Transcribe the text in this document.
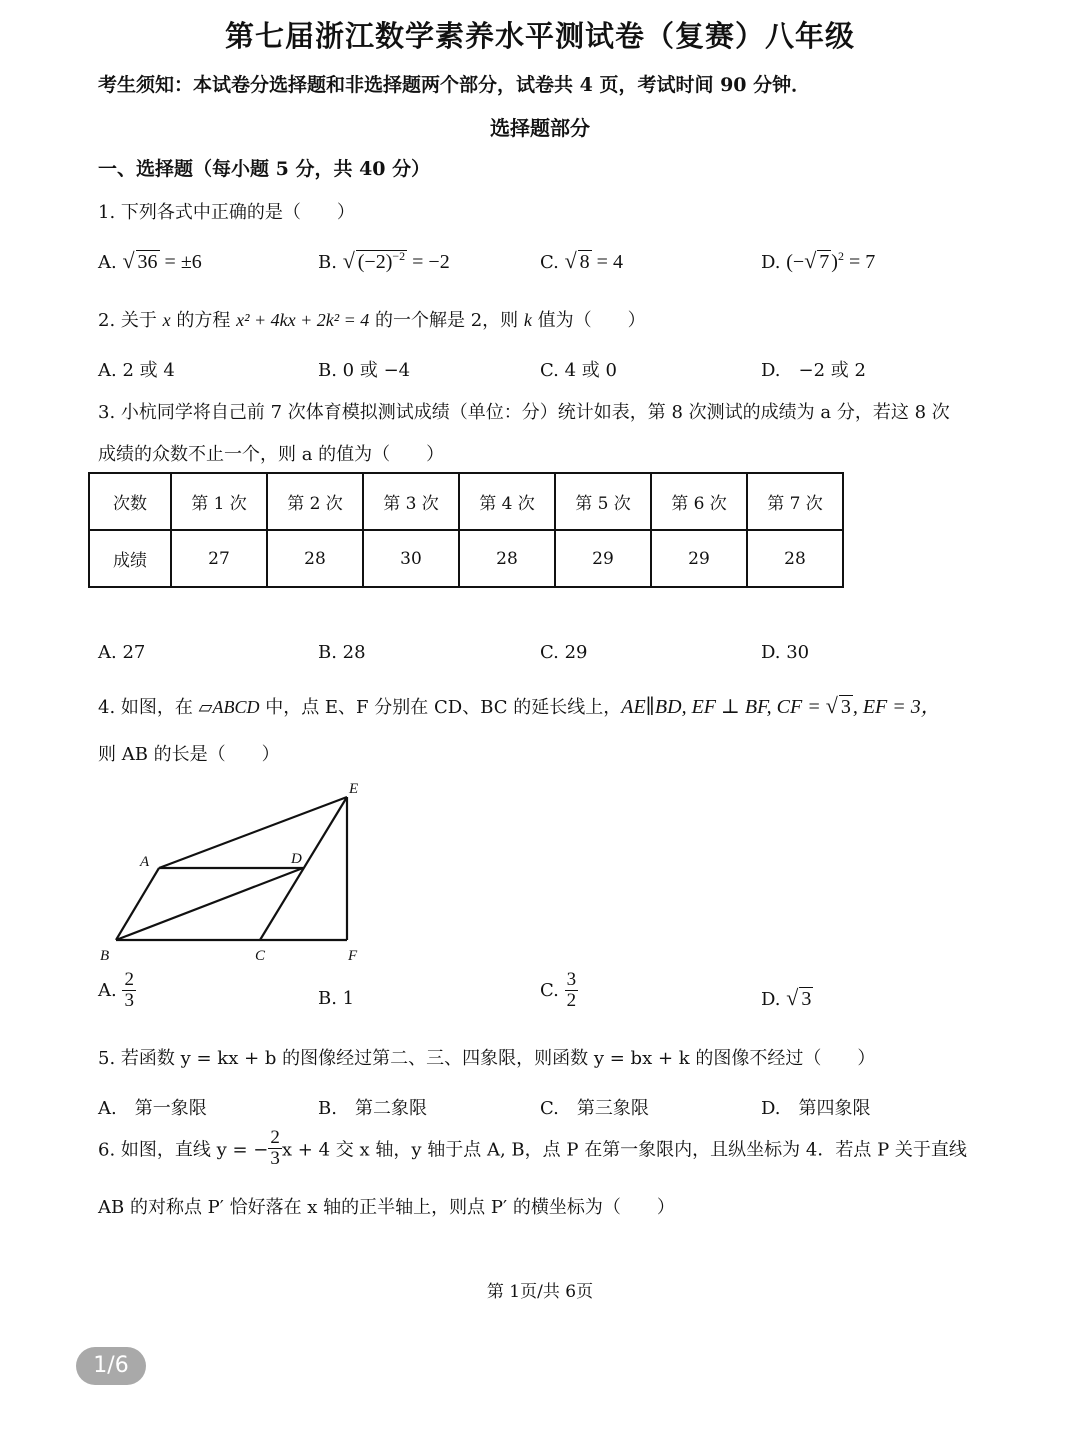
第七届浙江数学素养水平测试卷（复赛）八年级
考生须知：本试卷分选择题和非选择题两个部分，试卷共 4 页，考试时间 90 分钟．
选择题部分
一、选择题（每小题 5 分，共 40 分）
1. 下列各式中正确的是（　　）
A. √ 36 = ±6	B. √ $(-2)^{-2} = -2$	C. √ 8 = 4	D. (−√ 7 )$^2$ = 7
2. 关于 x 的方程 x² + 4kx + 2k² = 4 的一个解是 2，则 k 值为（　　）
A. 2 或 4	B. 0 或 −4	C. 4 或 0	D.　−2 或 2
3. 小杭同学将自己前 7 次体育模拟测试成绩（单位：分）统计如表，第 8 次测试的成绩为 a 分，若这 8 次
成绩的众数不止一个，则 a 的值为（　　）
次数	第 1 次	第 2 次	第 3 次	第 4 次	第 5 次	第 6 次	第 7 次
成绩	27	28	30	28	29	29	28
A. 27	B. 28	C. 29	D. 30
4. 如图，在 ▱ABCD 中，点 E、F 分别在 CD、BC 的延长线上，AE∥BD, EF ⊥ BF, CF = √ 3 , EF = 3，
则 AB 的长是（　　）
A
B	C
D
E
F
A. $\frac{2}{3}$	B. 1	C. $\frac{3}{2}$	D. √ 3
5. 若函数 y = kx + b 的图像经过第二、三、四象限，则函数 y = bx + k 的图像不经过（　　）
A.　第一象限	B.　第二象限	C.　第三象限	D.　第四象限
6. 如图，直线 y = − $\frac{2}{3}$ x + 4 交 x 轴，y 轴于点 A, B，点 P 在第一象限内，且纵坐标为 4．若点 P 关于直线
AB 的对称点 P′ 恰好落在 x 轴的正半轴上，则点 P′ 的横坐标为（　　）
第 1页/共 6页
1/6
